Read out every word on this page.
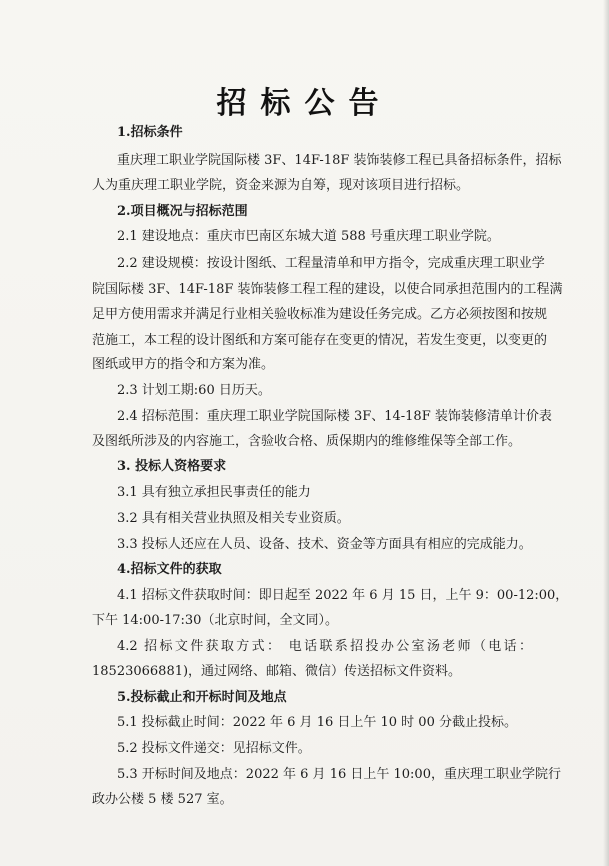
招标公告

1.招标条件

重庆理工职业学院国际楼 3F、14F-18F 装饰装修工程已具备招标条件，招标

人为重庆理工职业学院，资金来源为自筹，现对该项目进行招标。

2.项目概况与招标范围

2.1 建设地点：重庆市巴南区东城大道 588 号重庆理工职业学院。

2.2 建设规模：按设计图纸、工程量清单和甲方指令，完成重庆理工职业学

院国际楼 3F、14F-18F 装饰装修工程工程的建设，以使合同承担范围内的工程满

足甲方使用需求并满足行业相关验收标准为建设任务完成。乙方必须按图和按规

范施工，本工程的设计图纸和方案可能存在变更的情况，若发生变更，以变更的

图纸或甲方的指令和方案为准。

2.3 计划工期:60 日历天。

2.4 招标范围：重庆理工职业学院国际楼 3F、14-18F 装饰装修清单计价表

及图纸所涉及的内容施工，含验收合格、质保期内的维修维保等全部工作。

3. 投标人资格要求

3.1 具有独立承担民事责任的能力

3.2 具有相关营业执照及相关专业资质。

3.3 投标人还应在人员、设备、技术、资金等方面具有相应的完成能力。

4.招标文件的获取

4.1 招标文件获取时间：即日起至 2022 年 6 月 15 日，上午 9：00-12:00，

下午 14:00-17:30（北京时间，全文同）。

4.2 招标文件获取方式： 电话联系招投办公室汤老师（电话：

18523066881)，通过网络、邮箱、微信）传送招标文件资料。

5.投标截止和开标时间及地点

5.1 投标截止时间：2022 年 6 月 16 日上午 10 时 00 分截止投标。

5.2 投标文件递交：见招标文件。

5.3 开标时间及地点：2022 年 6 月 16 日上午 10:00，重庆理工职业学院行

政办公楼 5 楼 527 室。
